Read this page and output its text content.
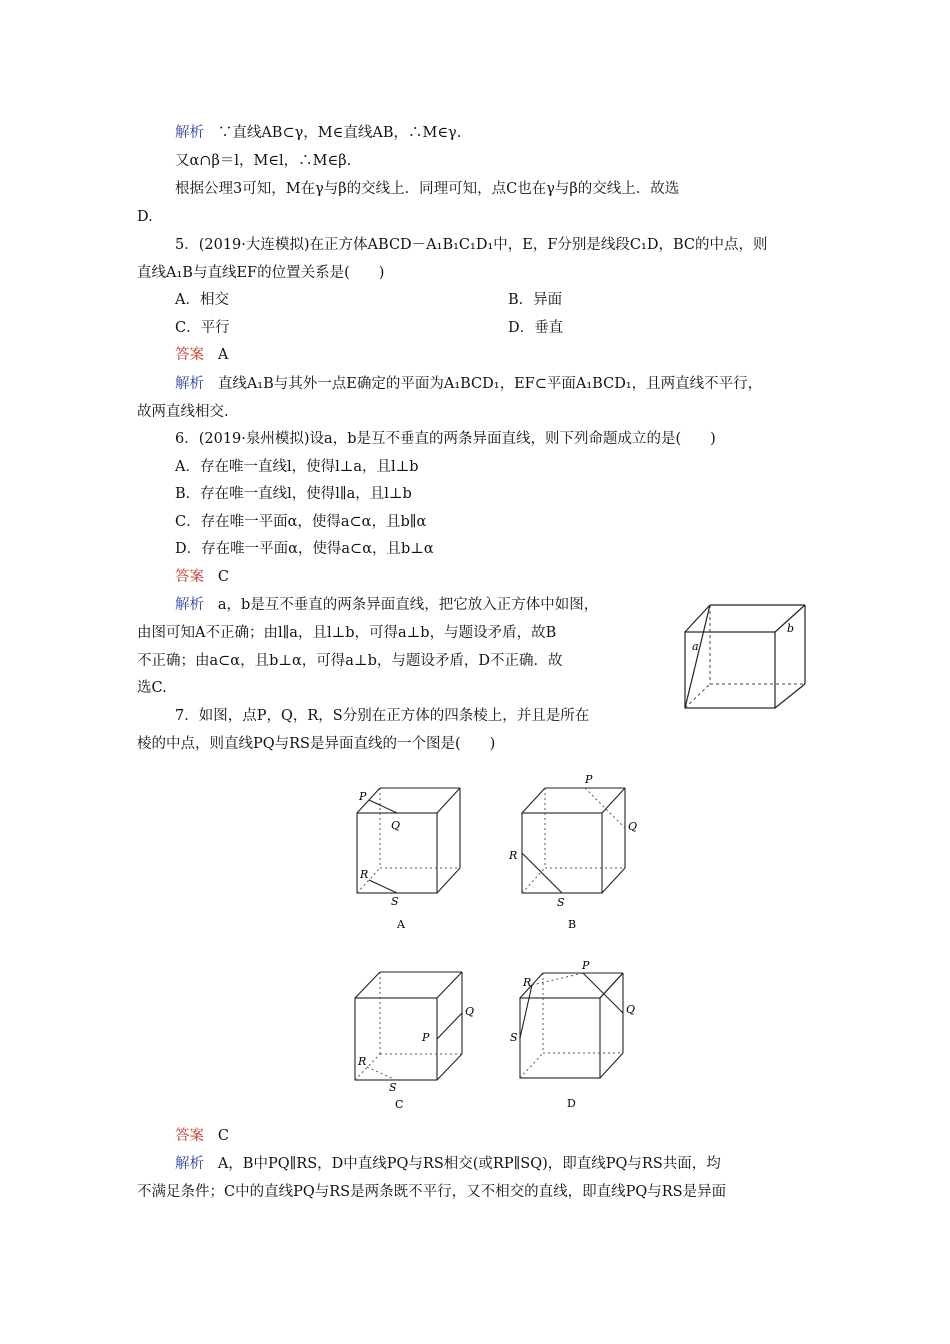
解析 ∵直线AB⊂γ，M∈直线AB，∴M∈γ.
又α∩β＝l，M∈l，∴M∈β.
根据公理3可知，M在γ与β的交线上．同理可知，点C也在γ与β的交线上．故选
D.
5．(2019·大连模拟)在正方体ABCD－A₁B₁C₁D₁中，E，F分别是线段C₁D，BC的中点，则
直线A₁B与直线EF的位置关系是(　　)
A．相交	B．异面
C．平行	D．垂直
答案 A
解析 直线A₁B与其外一点E确定的平面为A₁BCD₁，EF⊂平面A₁BCD₁，且两直线不平行，
故两直线相交.
6．(2019·泉州模拟)设a，b是互不垂直的两条异面直线，则下列命题成立的是(　　)
A．存在唯一直线l，使得l⊥a，且l⊥b
B．存在唯一直线l，使得l∥a，且l⊥b
C．存在唯一平面α，使得a⊂α，且b∥α
D．存在唯一平面α，使得a⊂α，且b⊥α
答案 C
解析 a，b是互不垂直的两条异面直线，把它放入正方体中如图，
由图可知A不正确；由l∥a，且l⊥b，可得a⊥b，与题设矛盾，故B
不正确；由a⊂α，且b⊥α，可得a⊥b，与题设矛盾，D不正确．故
选C.
a
b
7．如图，点P，Q，R，S分别在正方体的四条棱上，并且是所在
棱的中点，则直线PQ与RS是异面直线的一个图是(　　)
P
Q
R
S
A
P
Q
R
S
B
Q
P
R
S
C
P
R
Q
S
D
答案 C
解析 A，B中PQ∥RS，D中直线PQ与RS相交(或RP∥SQ)，即直线PQ与RS共面，均
不满足条件；C中的直线PQ与RS是两条既不平行，又不相交的直线，即直线PQ与RS是异面
